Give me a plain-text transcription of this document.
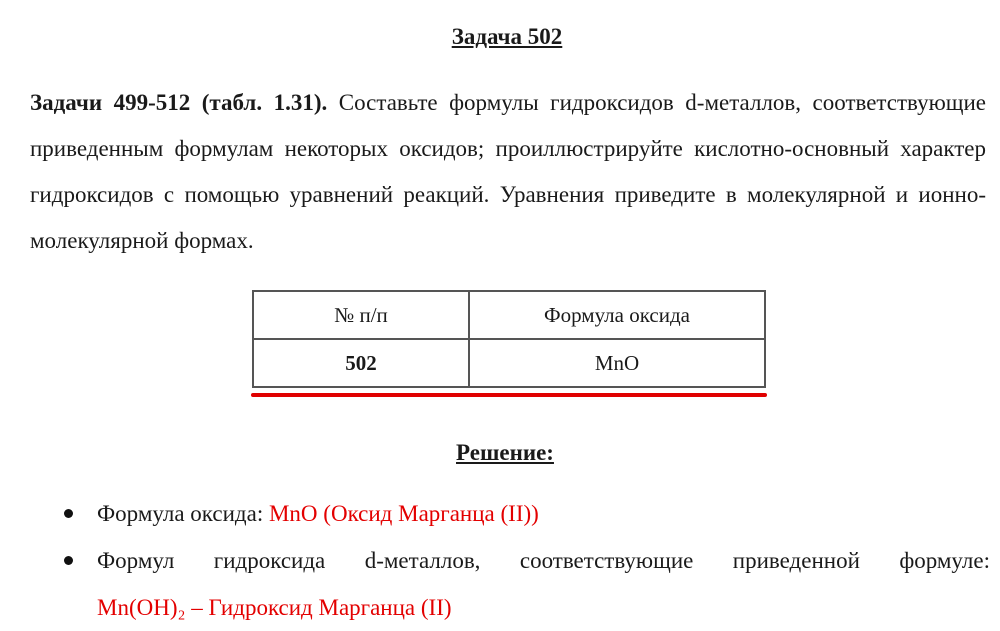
Задача 502
Задачи 499-512 (табл. 1.31). Составьте формулы гидроксидов d-металлов, соответствующие приведенным формулам некоторых оксидов; проиллюстрируйте кислотно-основный характер гидроксидов с помощью уравнений реакций. Уравнения приведите в молекулярной и ионно-молекулярной формах.
№ п/п	Формула оксида
502	MnO
Решение:
Формула оксида: MnO (Оксид Марганца (II))
Формул гидроксида d-металлов, соответствующие приведенной формуле:
Mn(OH)₂ – Гидроксид Марганца (II)
